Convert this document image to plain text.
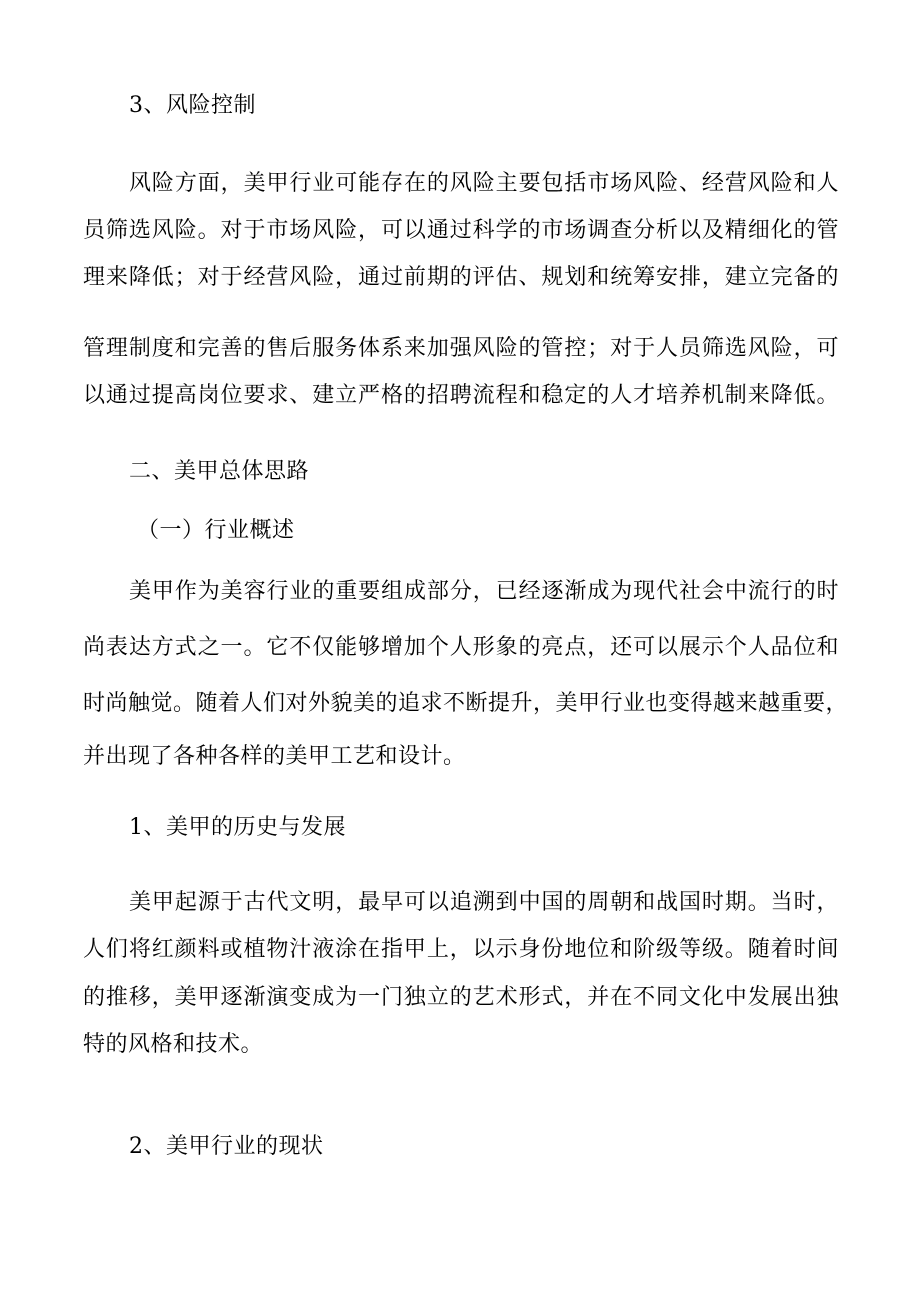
3、风险控制
风险方面，美甲行业可能存在的风险主要包括市场风险、经营风险和人
员筛选风险。对于市场风险，可以通过科学的市场调查分析以及精细化的管
理来降低；对于经营风险，通过前期的评估、规划和统筹安排，建立完备的
管理制度和完善的售后服务体系来加强风险的管控；对于人员筛选风险，可
以通过提高岗位要求、建立严格的招聘流程和稳定的人才培养机制来降低。
二、美甲总体思路
（一）行业概述
美甲作为美容行业的重要组成部分，已经逐渐成为现代社会中流行的时
尚表达方式之一。它不仅能够增加个人形象的亮点，还可以展示个人品位和
时尚触觉。随着人们对外貌美的追求不断提升，美甲行业也变得越来越重要，
并出现了各种各样的美甲工艺和设计。
1、美甲的历史与发展
美甲起源于古代文明，最早可以追溯到中国的周朝和战国时期。当时，
人们将红颜料或植物汁液涂在指甲上，以示身份地位和阶级等级。随着时间
的推移，美甲逐渐演变成为一门独立的艺术形式，并在不同文化中发展出独
特的风格和技术。
2、美甲行业的现状
